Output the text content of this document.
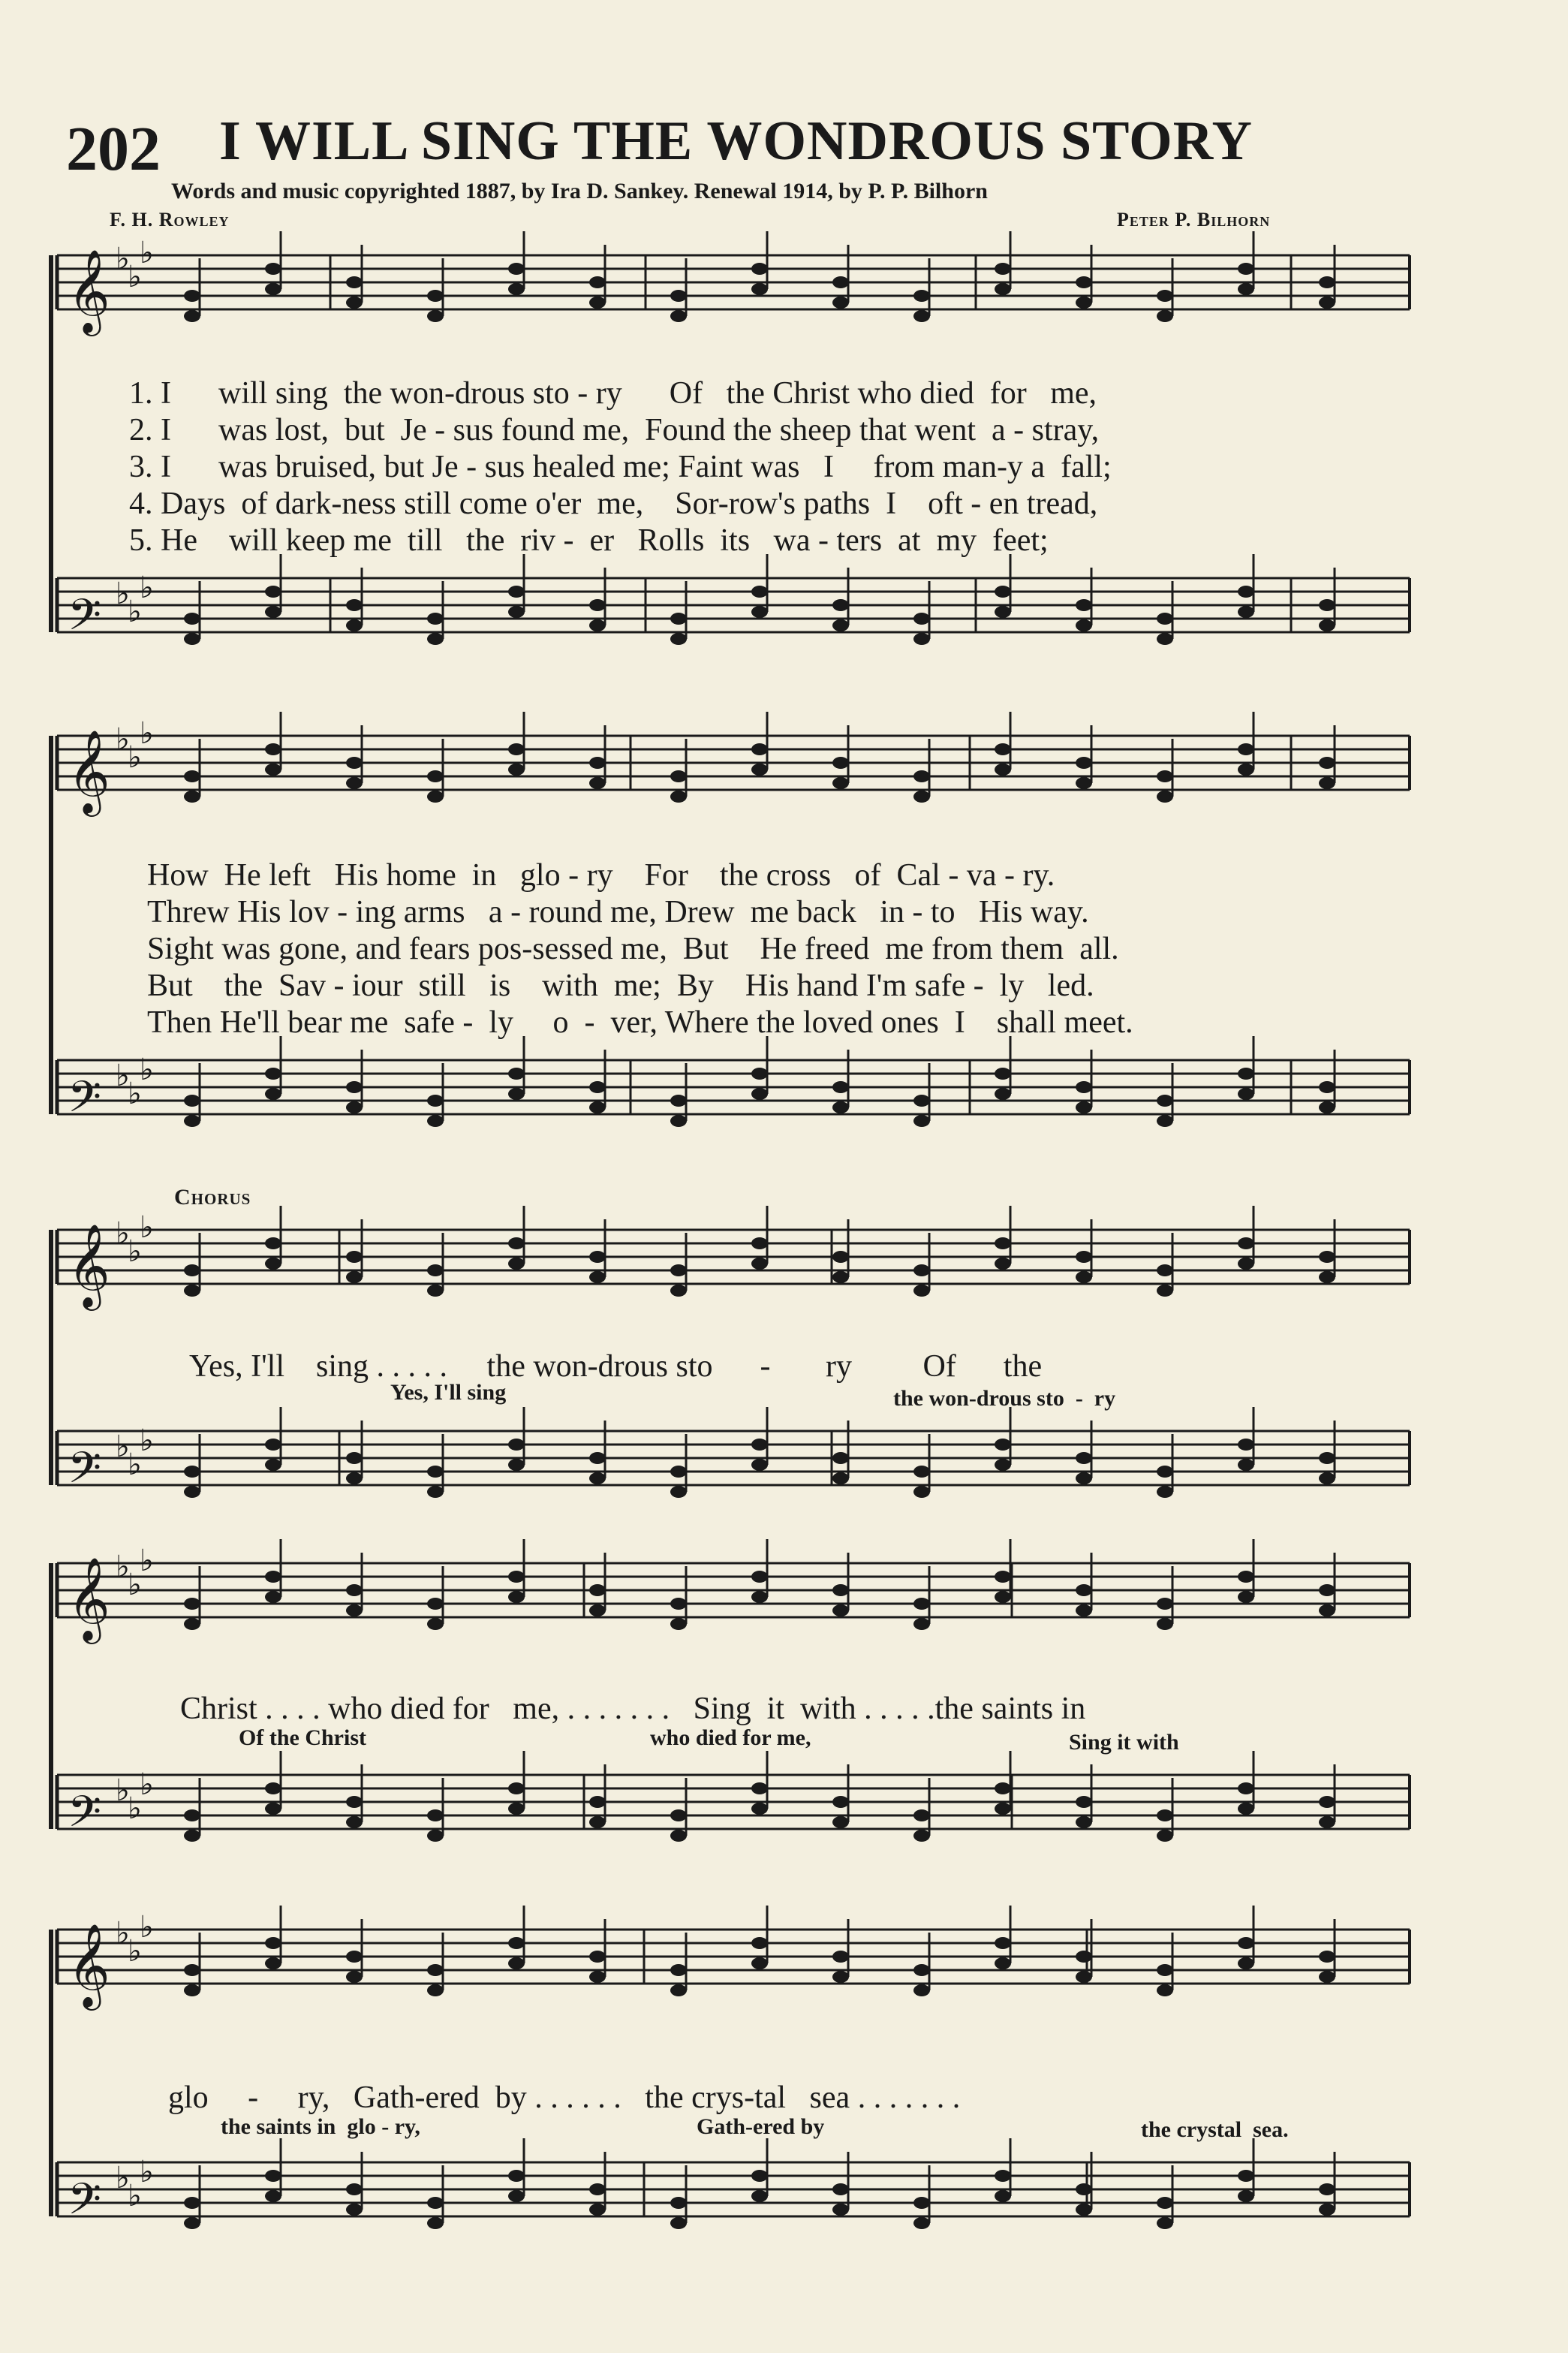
202 I WILL SING THE WONDROUS STORY
Words and music copyrighted 1887, by Ira D. Sankey. Renewal 1914, by P. P. Bilhorn
F. H. Rowley	Peter P. Bilhorn
𝄞 ♭
♭
♭
𝄢 ♭
♭
♭
𝄞 ♭
♭
♭
𝄢 ♭
♭
♭
𝄞 ♭
♭
♭
𝄢 ♭
♭
♭
𝄞 ♭
♭
♭
𝄢 ♭
♭
♭
𝄞 ♭
♭
♭
𝄢 ♭
♭
♭
1. I      will sing  the won-drous sto - ry      Of   the Christ who died  for   me,
2. I      was lost,  but  Je - sus found me,  Found the sheep that went  a - stray,
3. I      was bruised, but Je - sus healed me; Faint was   I     from man-y a  fall;
4. Days  of dark-ness still come o'er  me,    Sor-row's paths  I    oft - en tread,
5. He    will keep me  till   the  riv -  er   Rolls  its   wa - ters  at  my  feet;
How  He left   His home  in   glo - ry    For    the cross   of  Cal - va - ry.
Threw His lov - ing arms   a - round me, Drew  me back   in - to   His way.
Sight was gone, and fears pos-sessed me,  But    He freed  me from them  all.
But    the  Sav - iour  still   is    with  me;  By    His hand I'm safe -  ly   led.
Then He'll bear me  safe -  ly     o  -  ver, Where the loved ones  I    shall meet.
Chorus
Yes, I'll    sing . . . . .     the won-drous sto      -       ry         Of      the
Yes, I'll sing	the won-drous sto  -  ry
Christ . . . . who died for   me, . . . . . . .   Sing  it  with . . . . .the saints in
Of the Christ	who died for me,	Sing it with
glo     -     ry,   Gath-ered  by . . . . . .   the crys-tal   sea . . . . . . .
the saints in  glo - ry,	Gath-ered by	the crystal  sea.
